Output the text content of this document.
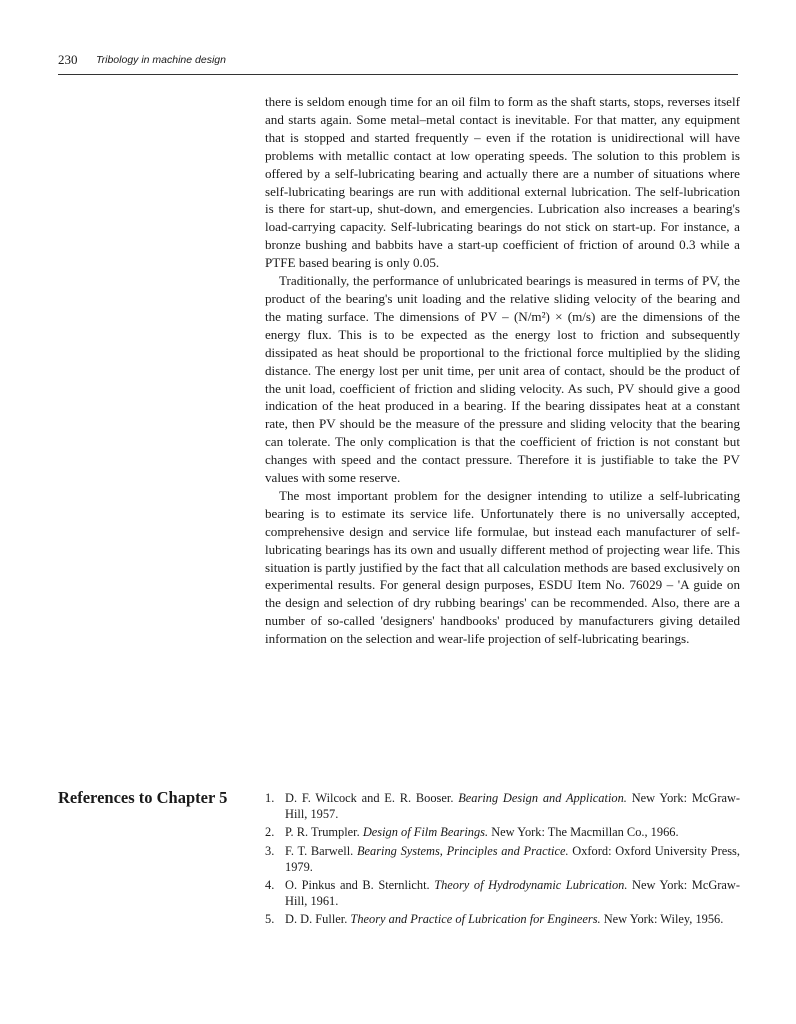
230 Tribology in machine design

there is seldom enough time for an oil film to form as the shaft starts, stops, reverses itself and starts again. Some metal–metal contact is inevitable. For that matter, any equipment that is stopped and started frequently – even if the rotation is unidirectional will have problems with metallic contact at low operating speeds. The solution to this problem is offered by a self-lubricating bearing and actually there are a number of situations where self-lubricating bearings are run with additional external lubrication. The self-lubrication is there for start-up, shut-down, and emergencies. Lubrication also increases a bearing's load-carrying capacity. Self-lubricating bearings do not stick on start-up. For instance, a bronze bushing and babbits have a start-up coefficient of friction of around 0.3 while a PTFE based bearing is only 0.05.

Traditionally, the performance of unlubricated bearings is measured in terms of PV, the product of the bearing's unit loading and the relative sliding velocity of the bearing and the mating surface. The dimensions of PV – (N/m²) × (m/s) are the dimensions of the energy flux. This is to be expected as the energy lost to friction and subsequently dissipated as heat should be proportional to the frictional force multiplied by the sliding distance. The energy lost per unit time, per unit area of contact, should be the product of the unit load, coefficient of friction and sliding velocity. As such, PV should give a good indication of the heat produced in a bearing. If the bearing dissipates heat at a constant rate, then PV should be the measure of the pressure and sliding velocity that the bearing can tolerate. The only complication is that the coefficient of friction is not constant but changes with speed and the contact pressure. Therefore it is justifiable to take the PV values with some reserve.

The most important problem for the designer intending to utilize a self-lubricating bearing is to estimate its service life. Unfortunately there is no universally accepted, comprehensive design and service life formulae, but instead each manufacturer of self-lubricating bearings has its own and usually different method of projecting wear life. This situation is partly justified by the fact that all calculation methods are based exclusively on experimental results. For general design purposes, ESDU Item No. 76029 – 'A guide on the design and selection of dry rubbing bearings' can be recommended. Also, there are a number of so-called 'designers' handbooks' produced by manufacturers giving detailed information on the selection and wear-life projection of self-lubricating bearings.

References to Chapter 5	1. D. F. Wilcock and E. R. Booser. Bearing Design and Application. New York: McGraw-Hill, 1957.
2. P. R. Trumpler. Design of Film Bearings. New York: The Macmillan Co., 1966.
3. F. T. Barwell. Bearing Systems, Principles and Practice. Oxford: Oxford University Press, 1979.
4. O. Pinkus and B. Sternlicht. Theory of Hydrodynamic Lubrication. New York: McGraw-Hill, 1961.
5. D. D. Fuller. Theory and Practice of Lubrication for Engineers. New York: Wiley, 1956.
